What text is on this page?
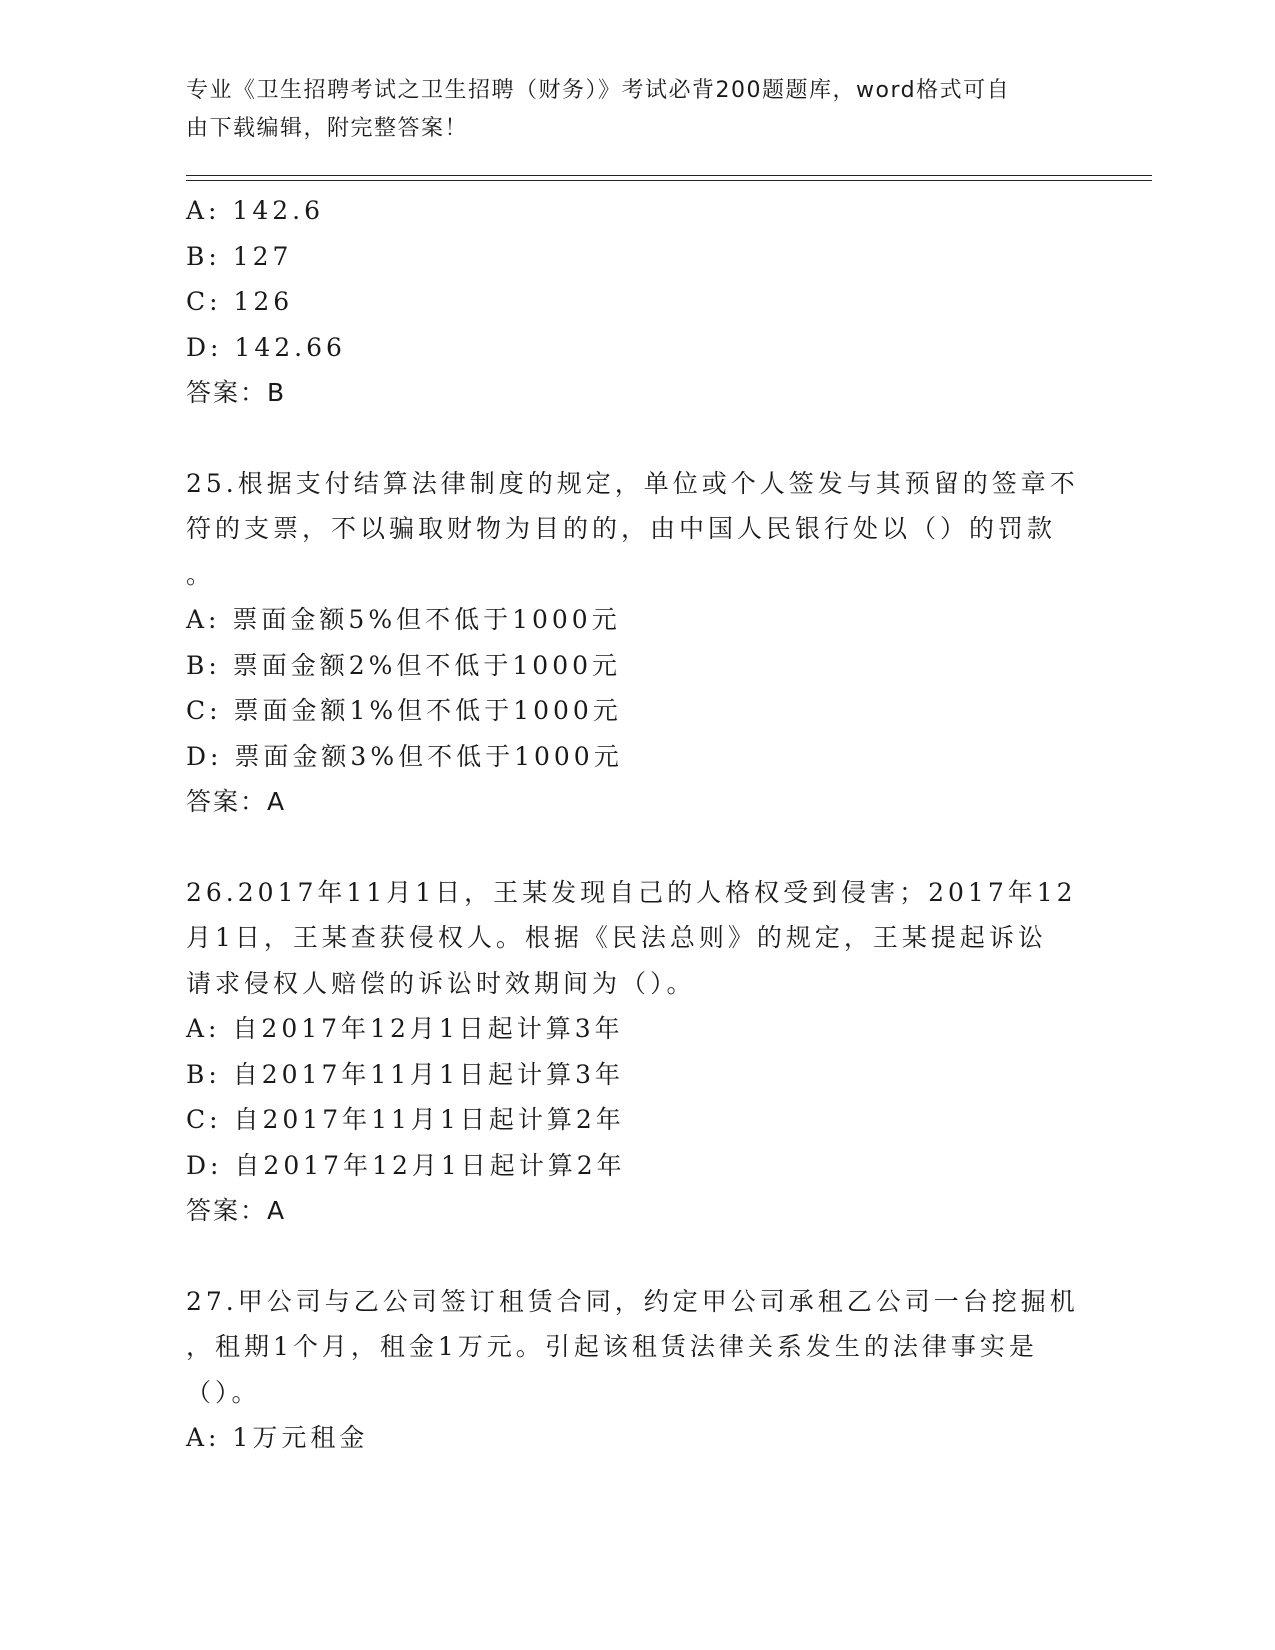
专业《卫生招聘考试之卫生招聘（财务）》考试必背200题题库，word格式可自
由下载编辑，附完整答案！
A: 142.6
B: 127
C: 126
D: 142.66
答案：B
25.根据支付结算法律制度的规定，单位或个人签发与其预留的签章不
符的支票，不以骗取财物为目的的，由中国人民银行处以（）的罚款
。
A: 票面金额5%但不低于1000元
B: 票面金额2%但不低于1000元
C: 票面金额1%但不低于1000元
D: 票面金额3%但不低于1000元
答案：A
26.2017年11月1日，王某发现自己的人格权受到侵害；2017年12
月1日，王某查获侵权人。根据《民法总则》的规定，王某提起诉讼
请求侵权人赔偿的诉讼时效期间为（）。
A: 自2017年12月1日起计算3年
B: 自2017年11月1日起计算3年
C: 自2017年11月1日起计算2年
D: 自2017年12月1日起计算2年
答案：A
27.甲公司与乙公司签订租赁合同，约定甲公司承租乙公司一台挖掘机
，租期1个月，租金1万元。引起该租赁法律关系发生的法律事实是
（）。
A: 1万元租金
